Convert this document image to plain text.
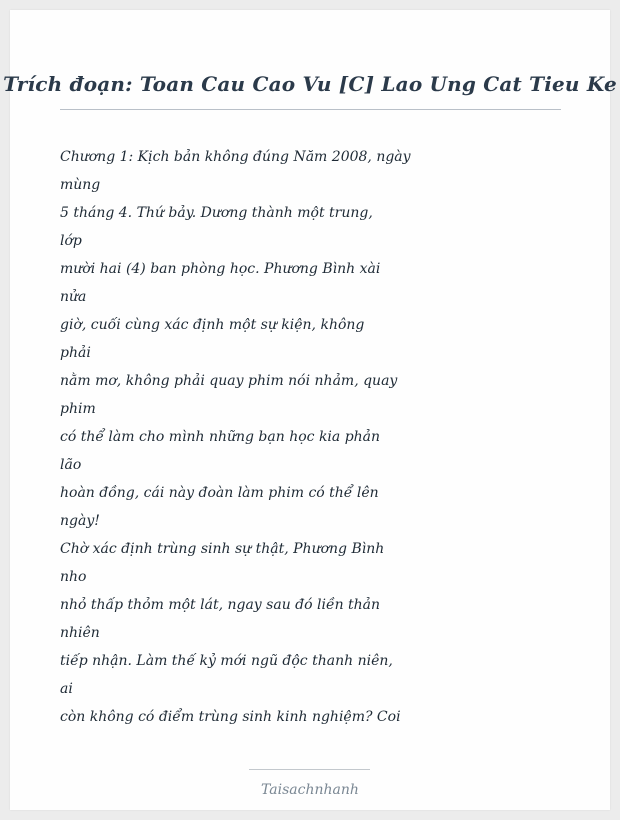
Trích đoạn: Toan Cau Cao Vu [C] Lao Ung Cat Tieu Ke
Chương 1: Kịch bản không đúng Năm 2008, ngày
mùng
5 tháng 4. Thứ bảy. Dương thành một trung,
lớp
mười hai (4) ban phòng học. Phương Bình xài
nửa
giờ, cuối cùng xác định một sự kiện, không
phải
nằm mơ, không phải quay phim nói nhảm, quay
phim
có thể làm cho mình những bạn học kia phản
lão
hoàn đồng, cái này đoàn làm phim có thể lên
ngày!
Chờ xác định trùng sinh sự thật, Phương Bình
nho
nhỏ thấp thỏm một lát, ngay sau đó liền thản
nhiên
tiếp nhận. Làm thế kỷ mới ngũ độc thanh niên,
ai
còn không có điểm trùng sinh kinh nghiệm? Coi
Taisachnhanh
